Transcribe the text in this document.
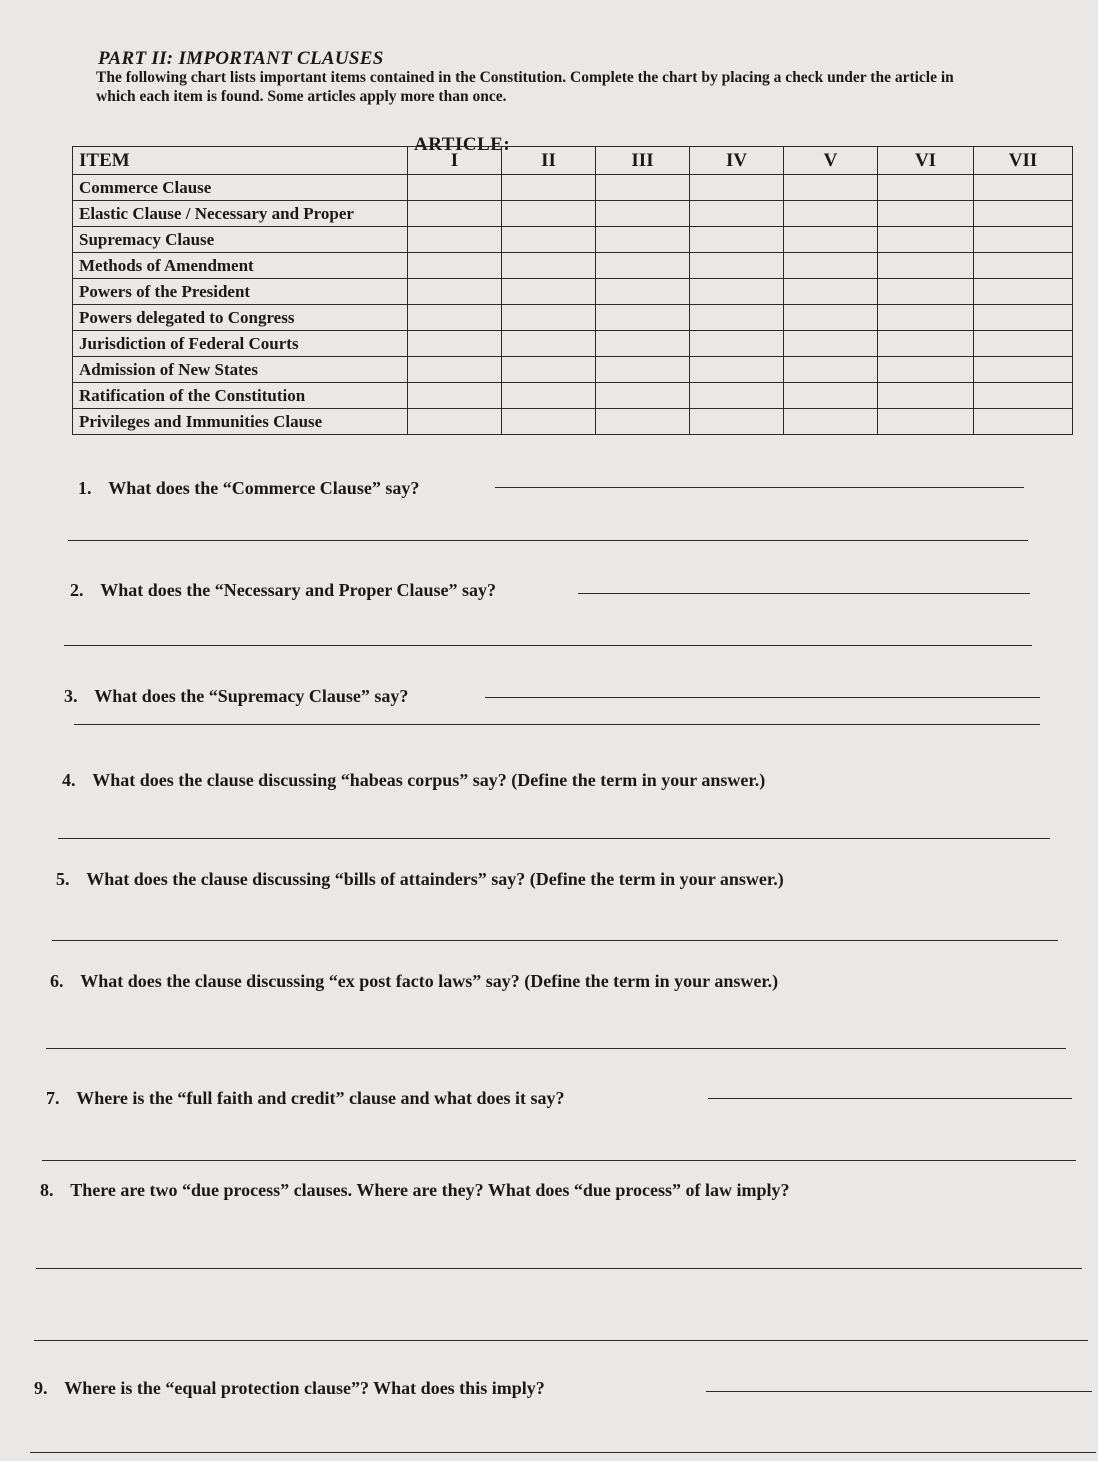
PART II: IMPORTANT CLAUSES
The following chart lists important items contained in the Constitution. Complete the chart by placing a check under the article in which each item is found. Some articles apply more than once.
ARTICLE:
ITEM	I	II	III	IV	V	VI	VII
Commerce Clause							
Elastic Clause / Necessary and Proper							
Supremacy Clause							
Methods of Amendment							
Powers of the President							
Powers delegated to Congress							
Jurisdiction of Federal Courts							
Admission of New States							
Ratification of the Constitution							
Privileges and Immunities Clause							
1. What does the “Commerce Clause” say?
2. What does the “Necessary and Proper Clause” say?
3. What does the “Supremacy Clause” say?
4. What does the clause discussing “habeas corpus” say? (Define the term in your answer.)
5. What does the clause discussing “bills of attainders” say? (Define the term in your answer.)
6. What does the clause discussing “ex post facto laws” say? (Define the term in your answer.)
7. Where is the “full faith and credit” clause and what does it say?
8. There are two “due process” clauses. Where are they? What does “due process” of law imply?
9. Where is the “equal protection clause”? What does this imply?
